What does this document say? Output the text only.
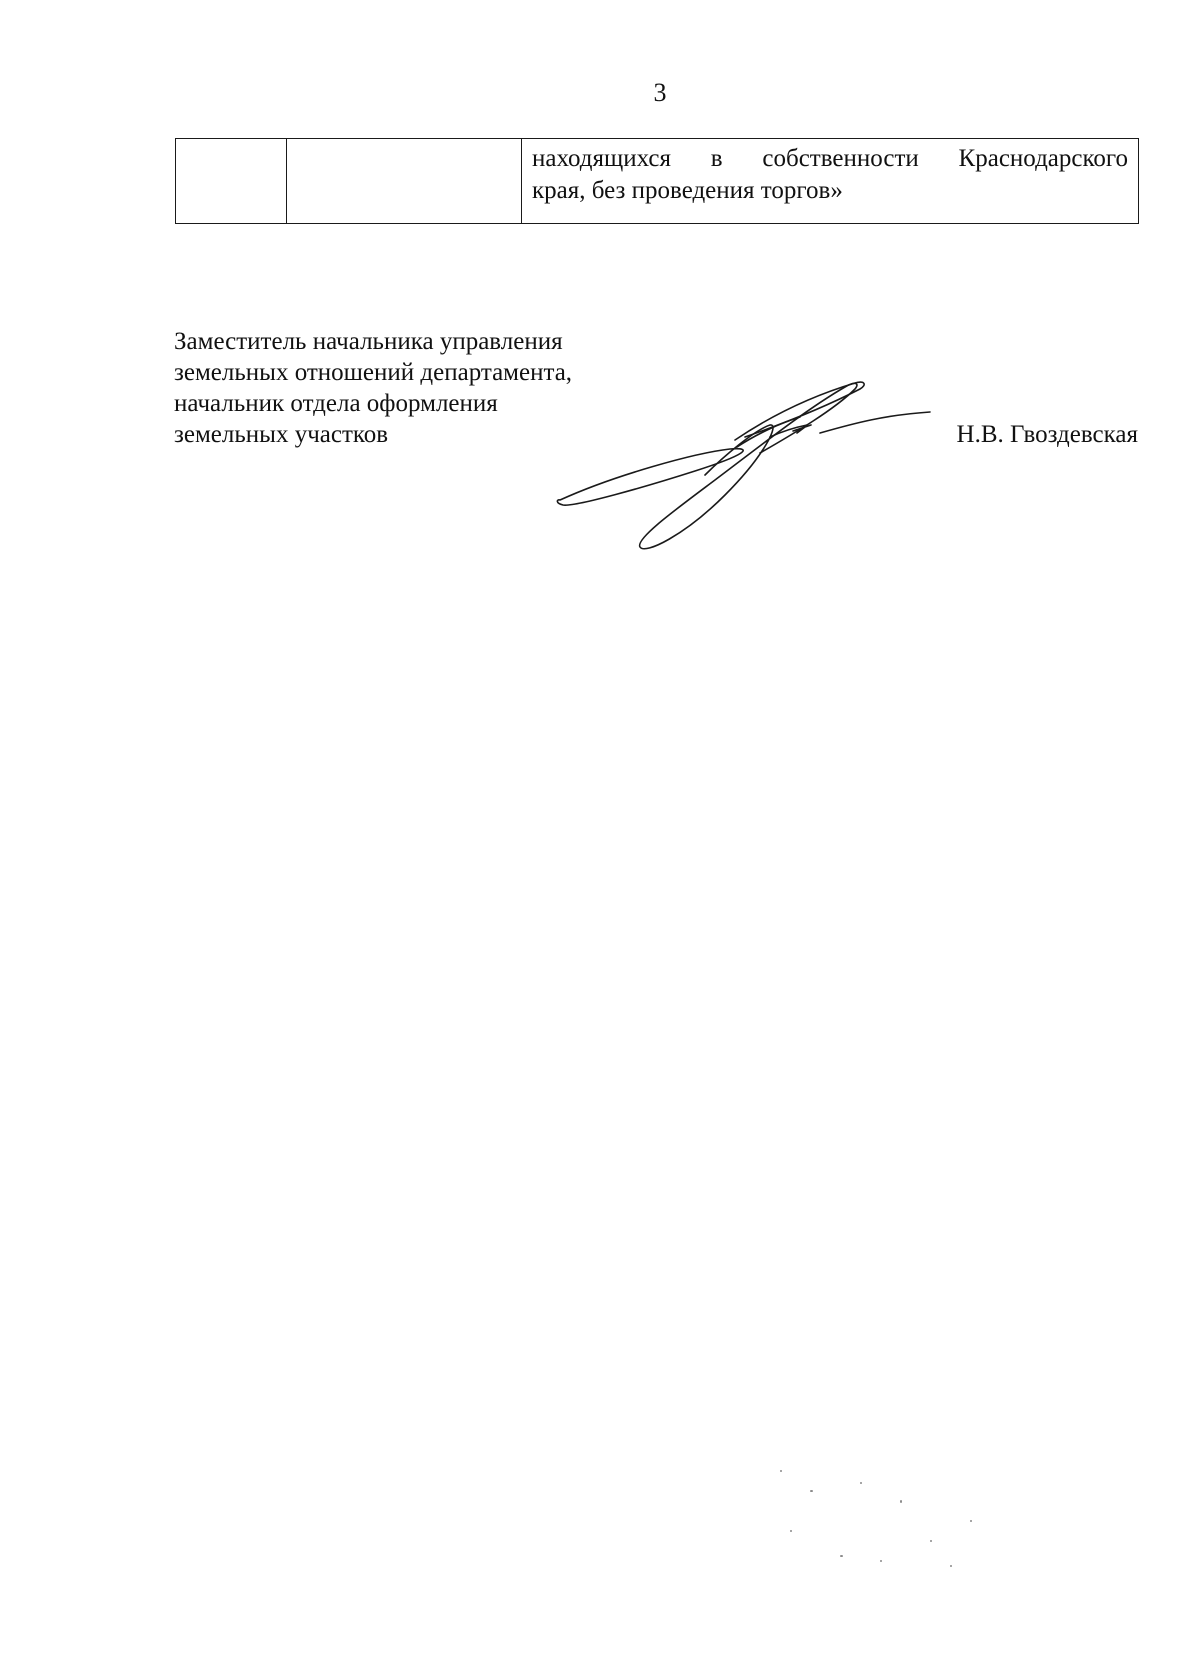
3

находящихся в собственности Краснодарского
края, без проведения торгов»
Заместитель начальника управления
земельных отношений департамента,
начальник отдела оформления
земельных участков	Н.В. Гвоздевская
